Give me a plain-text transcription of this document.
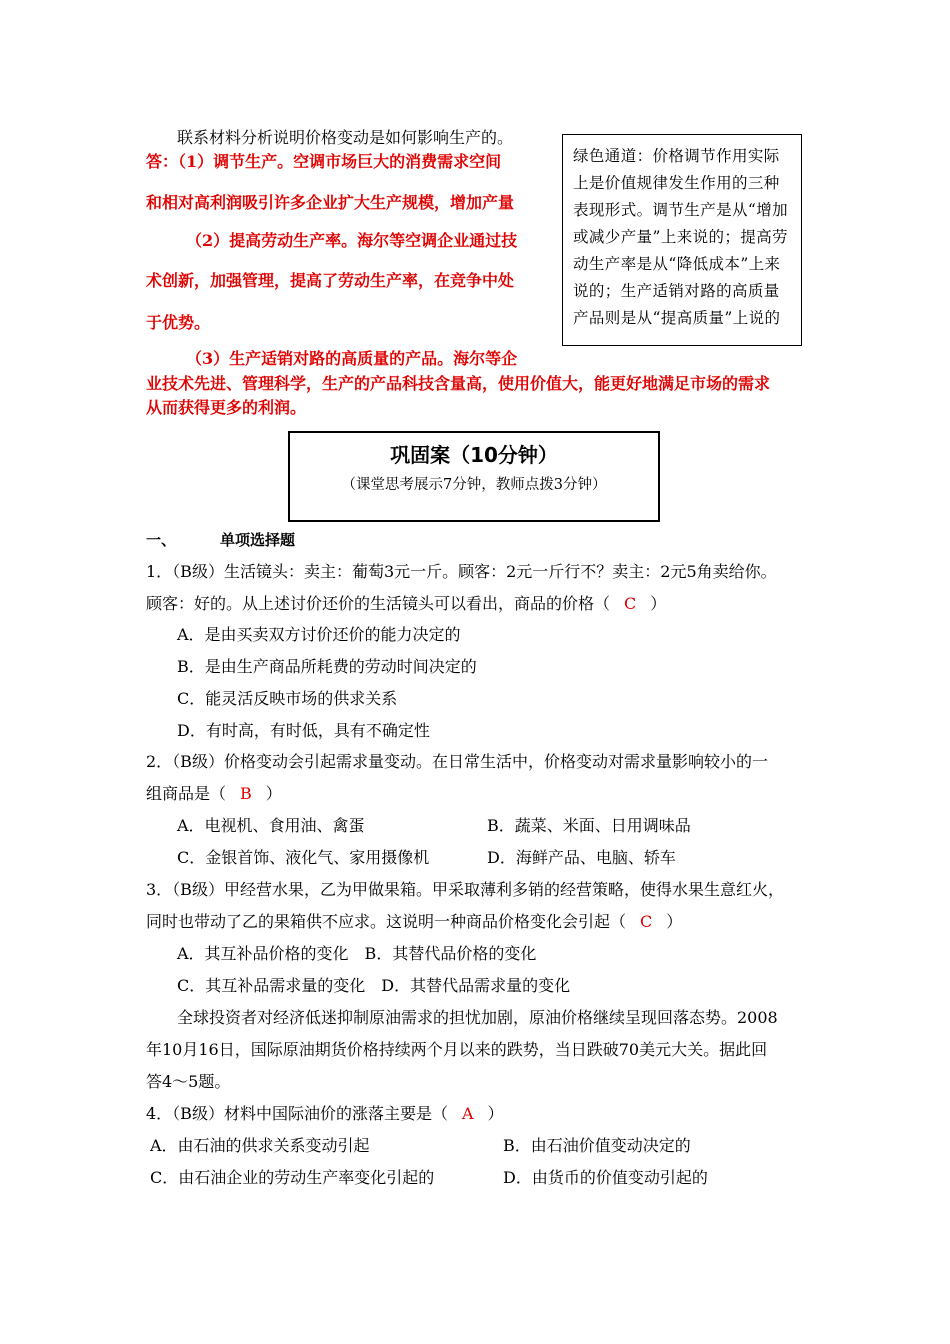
联系材料分析说明价格变动是如何影响生产的。
答：（1）调节生产。空调市场巨大的消费需求空间
和相对高利润吸引许多企业扩大生产规模，增加产量
（2）提高劳动生产率。海尔等空调企业通过技
术创新，加强管理，提高了劳动生产率，在竞争中处
于优势。
（3）生产适销对路的高质量的产品。海尔等企
业技术先进、管理科学，生产的产品科技含量高，使用价值大，能更好地满足市场的需求
从而获得更多的利润。

绿色通道：价格调节作用实际上是价值规律发生作用的三种表现形式。调节生产是从“增加或减少产量”上来说的；提高劳动生产率是从“降低成本”上来说的；生产适销对路的高质量产品则是从“提高质量”上说的

巩固案（10分钟）
（课堂思考展示7分钟，教师点拨3分钟）
一、	单项选择题
1．（B级）生活镜头：卖主：葡萄3元一斤。顾客：2元一斤行不？卖主：2元5角卖给你。
顾客：好的。从上述讨价还价的生活镜头可以看出，商品的价格（ C ）
A．是由买卖双方讨价还价的能力决定的
B．是由生产商品所耗费的劳动时间决定的
C．能灵活反映市场的供求关系
D．有时高，有时低，具有不确定性
2．（B级）价格变动会引起需求量变动。在日常生活中，价格变动对需求量影响较小的一
组商品是（ B ）
A．电视机、食用油、禽蛋	B．蔬菜、米面、日用调味品
C．金银首饰、液化气、家用摄像机	D．海鲜产品、电脑、轿车
3．（B级）甲经营水果，乙为甲做果箱。甲采取薄利多销的经营策略，使得水果生意红火，
同时也带动了乙的果箱供不应求。这说明一种商品价格变化会引起（ C ）
A．其互补品价格的变化　B．其替代品价格的变化
C．其互补品需求量的变化　D．其替代品需求量的变化
全球投资者对经济低迷抑制原油需求的担忧加剧，原油价格继续呈现回落态势。2008
年10月16日，国际原油期货价格持续两个月以来的跌势，当日跌破70美元大关。据此回
答4～5题。
4．（B级）材料中国际油价的涨落主要是（ A ）
A．由石油的供求关系变动引起	B．由石油价值变动决定的
C．由石油企业的劳动生产率变化引起的	D．由货币的价值变动引起的
